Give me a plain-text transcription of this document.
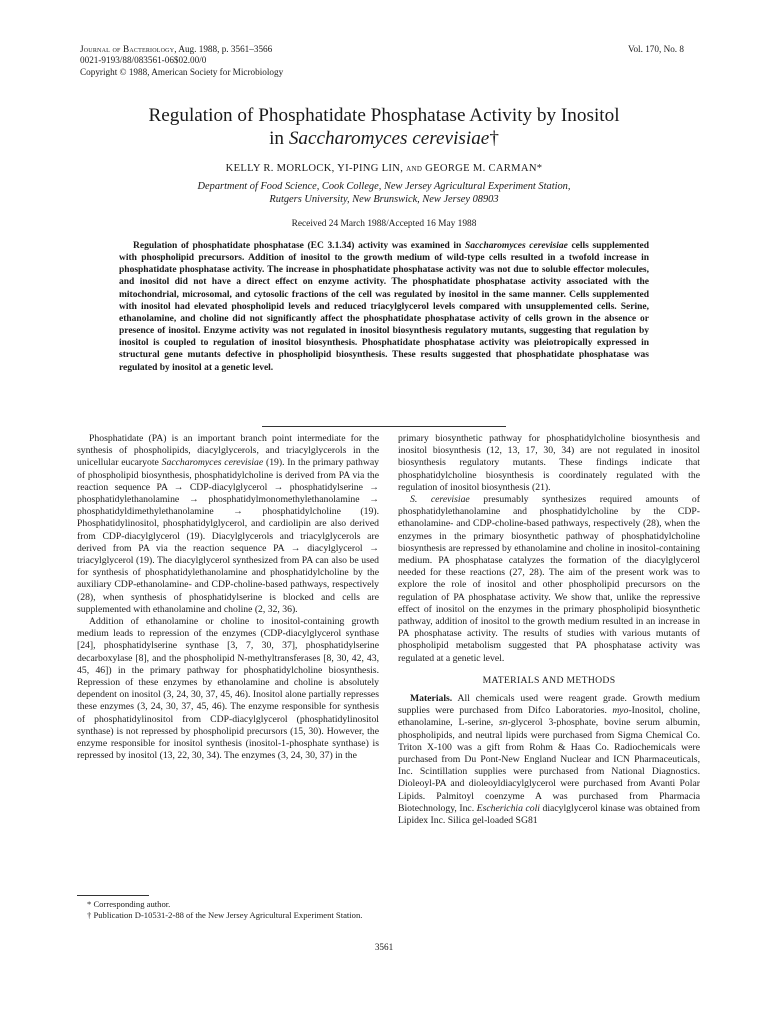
Journal of Bacteriology, Aug. 1988, p. 3561–3566
0021-9193/88/083561-06$02.00/0
Copyright © 1988, American Society for Microbiology
Vol. 170, No. 8
Regulation of Phosphatidate Phosphatase Activity by Inositol
in Saccharomyces cerevisiae†
KELLY R. MORLOCK, YI-PING LIN, and GEORGE M. CARMAN*
Department of Food Science, Cook College, New Jersey Agricultural Experiment Station,
Rutgers University, New Brunswick, New Jersey 08903
Received 24 March 1988/Accepted 16 May 1988

Regulation of phosphatidate phosphatase (EC 3.1.34) activity was examined in Saccharomyces cerevisiae cells supplemented with phospholipid precursors. Addition of inositol to the growth medium of wild-type cells resulted in a twofold increase in phosphatidate phosphatase activity. The increase in phosphatidate phosphatase activity was not due to soluble effector molecules, and inositol did not have a direct effect on enzyme activity. The phosphatidate phosphatase activity associated with the mitochondrial, microsomal, and cytosolic fractions of the cell was regulated by inositol in the same manner. Cells supplemented with inositol had elevated phospholipid levels and reduced triacylglycerol levels compared with unsupplemented cells. Serine, ethanolamine, and choline did not significantly affect the phosphatidate phosphatase activity of cells grown in the absence or presence of inositol. Enzyme activity was not regulated in inositol biosynthesis regulatory mutants, suggesting that regulation by inositol is coupled to regulation of inositol biosynthesis. Phosphatidate phosphatase activity was pleiotropically expressed in structural gene mutants defective in phospholipid biosynthesis. These results suggested that phosphatidate phosphatase was regulated by inositol at a genetic level.

Phosphatidate (PA) is an important branch point intermediate for the synthesis of phospholipids, diacylglycerols, and triacylglycerols in the unicellular eucaryote Saccharomyces cerevisiae (19). In the primary pathway of phospholipid biosynthesis, phosphatidylcholine is derived from PA via the reaction sequence PA → CDP-diacylglycerol → phosphatidylserine → phosphatidylethanolamine → phosphatidylmonomethylethanolamine → phosphatidyldimethylethanolamine → phosphatidylcholine (19). Phosphatidylinositol, phosphatidylglycerol, and cardiolipin are also derived from CDP-diacylglycerol (19). Diacylglycerols and triacylglycerols are derived from PA via the reaction sequence PA → diacylglycerol → triacylglycerol (19). The diacylglycerol synthesized from PA can also be used for synthesis of phosphatidylethanolamine and phosphatidylcholine by the auxiliary CDP-ethanolamine- and CDP-choline-based pathways, respectively (28), when synthesis of phosphatidylserine is blocked and cells are supplemented with ethanolamine and choline (2, 32, 36).

Addition of ethanolamine or choline to inositol-containing growth medium leads to repression of the enzymes (CDP-diacylglycerol synthase [24], phosphatidylserine synthase [3, 7, 30, 37], phosphatidylserine decarboxylase [8], and the phospholipid N-methyltransferases [8, 30, 42, 43, 45, 46]) in the primary pathway for phosphatidylcholine biosynthesis. Repression of these enzymes by ethanolamine and choline is absolutely dependent on inositol (3, 24, 30, 37, 45, 46). Inositol alone partially represses these enzymes (3, 24, 30, 37, 45, 46). The enzyme responsible for synthesis of phosphatidylinositol from CDP-diacylglycerol (phosphatidylinositol synthase) is not repressed by phospholipid precursors (15, 30). However, the enzyme responsible for inositol synthesis (inositol-1-phosphate synthase) is repressed by inositol (13, 22, 30, 34). The enzymes (3, 24, 30, 37) in the

primary biosynthetic pathway for phosphatidylcholine biosynthesis and inositol biosynthesis (12, 13, 17, 30, 34) are not regulated in inositol biosynthesis regulatory mutants. These findings indicate that phosphatidylcholine biosynthesis is coordinately regulated with the regulation of inositol biosynthesis (21).

S. cerevisiae presumably synthesizes required amounts of phosphatidylethanolamine and phosphatidylcholine by the CDP-ethanolamine- and CDP-choline-based pathways, respectively (28), when the enzymes in the primary biosynthetic pathway of phosphatidylcholine biosynthesis are repressed by ethanolamine and choline in inositol-containing medium. PA phosphatase catalyzes the formation of the diacylglycerol needed for these reactions (27, 28). The aim of the present work was to explore the role of inositol and other phospholipid precursors on the regulation of PA phosphatase activity. We show that, unlike the repressive effect of inositol on the enzymes in the primary phospholipid biosynthetic pathway, addition of inositol to the growth medium resulted in an increase in PA phosphatase activity. The results of studies with various mutants of phospholipid metabolism suggested that PA phosphatase activity was regulated at a genetic level.

MATERIALS AND METHODS

Materials. All chemicals used were reagent grade. Growth medium supplies were purchased from Difco Laboratories. myo-Inositol, choline, ethanolamine, L-serine, sn-glycerol 3-phosphate, bovine serum albumin, phospholipids, and neutral lipids were purchased from Sigma Chemical Co. Triton X-100 was a gift from Rohm & Haas Co. Radiochemicals were purchased from Du Pont-New England Nuclear and ICN Pharmaceuticals, Inc. Scintillation supplies were purchased from National Diagnostics. Dioleoyl-PA and dioleoyldiacylglycerol were purchased from Avanti Polar Lipids. Palmitoyl coenzyme A was purchased from Pharmacia Biotechnology, Inc. Escherichia coli diacylglycerol kinase was obtained from Lipidex Inc. Silica gel-loaded SG81

* Corresponding author.

† Publication D-10531-2-88 of the New Jersey Agricultural Experiment Station.

3561
